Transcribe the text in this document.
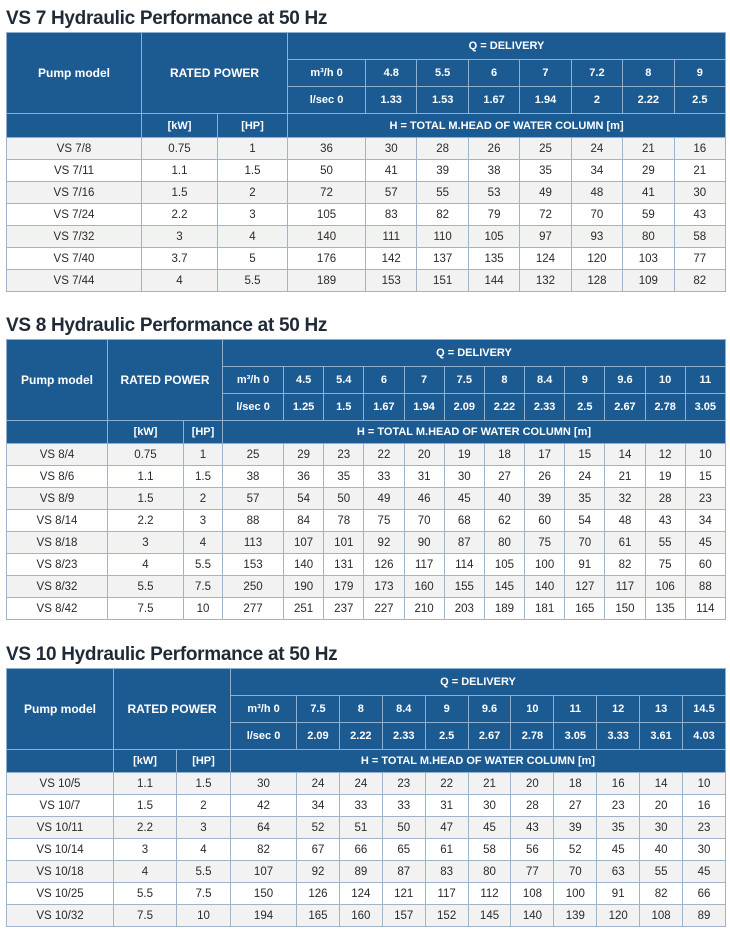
VS 7 Hydraulic Performance at 50 Hz
Pump model	RATED POWER		Q = DELIVERY							
			m³/h 0	4.8	5.5	6	7	7.2	8	9
			l/sec 0	1.33	1.53	1.67	1.94	2	2.22	2.5
	[kW]	[HP]	H = TOTAL M.HEAD OF WATER COLUMN [m]							
VS 7/8	0.75	1	36	30	28	26	25	24	21	16
VS 7/11	1.1	1.5	50	41	39	38	35	34	29	21
VS 7/16	1.5	2	72	57	55	53	49	48	41	30
VS 7/24	2.2	3	105	83	82	79	72	70	59	43
VS 7/32	3	4	140	111	110	105	97	93	80	58
VS 7/40	3.7	5	176	142	137	135	124	120	103	77
VS 7/44	4	5.5	189	153	151	144	132	128	109	82
VS 8 Hydraulic Performance at 50 Hz
Pump model	RATED POWER		Q = DELIVERY											
			m³/h 0	4.5	5.4	6	7	7.5	8	8.4	9	9.6	10	11
			l/sec 0	1.25	1.5	1.67	1.94	2.09	2.22	2.33	2.5	2.67	2.78	3.05
	[kW]	[HP]	H = TOTAL M.HEAD OF WATER COLUMN [m]											
VS 8/4	0.75	1	25	29	23	22	20	19	18	17	15	14	12	10
VS 8/6	1.1	1.5	38	36	35	33	31	30	27	26	24	21	19	15
VS 8/9	1.5	2	57	54	50	49	46	45	40	39	35	32	28	23
VS 8/14	2.2	3	88	84	78	75	70	68	62	60	54	48	43	34
VS 8/18	3	4	113	107	101	92	90	87	80	75	70	61	55	45
VS 8/23	4	5.5	153	140	131	126	117	114	105	100	91	82	75	60
VS 8/32	5.5	7.5	250	190	179	173	160	155	145	140	127	117	106	88
VS 8/42	7.5	10	277	251	237	227	210	203	189	181	165	150	135	114
VS 10 Hydraulic Performance at 50 Hz
Pump model	RATED POWER		Q = DELIVERY										
			m³/h 0	7.5	8	8.4	9	9.6	10	11	12	13	14.5
			l/sec 0	2.09	2.22	2.33	2.5	2.67	2.78	3.05	3.33	3.61	4.03
	[kW]	[HP]	H = TOTAL M.HEAD OF WATER COLUMN [m]										
VS 10/5	1.1	1.5	30	24	24	23	22	21	20	18	16	14	10
VS 10/7	1.5	2	42	34	33	33	31	30	28	27	23	20	16
VS 10/11	2.2	3	64	52	51	50	47	45	43	39	35	30	23
VS 10/14	3	4	82	67	66	65	61	58	56	52	45	40	30
VS 10/18	4	5.5	107	92	89	87	83	80	77	70	63	55	45
VS 10/25	5.5	7.5	150	126	124	121	117	112	108	100	91	82	66
VS 10/32	7.5	10	194	165	160	157	152	145	140	139	120	108	89
